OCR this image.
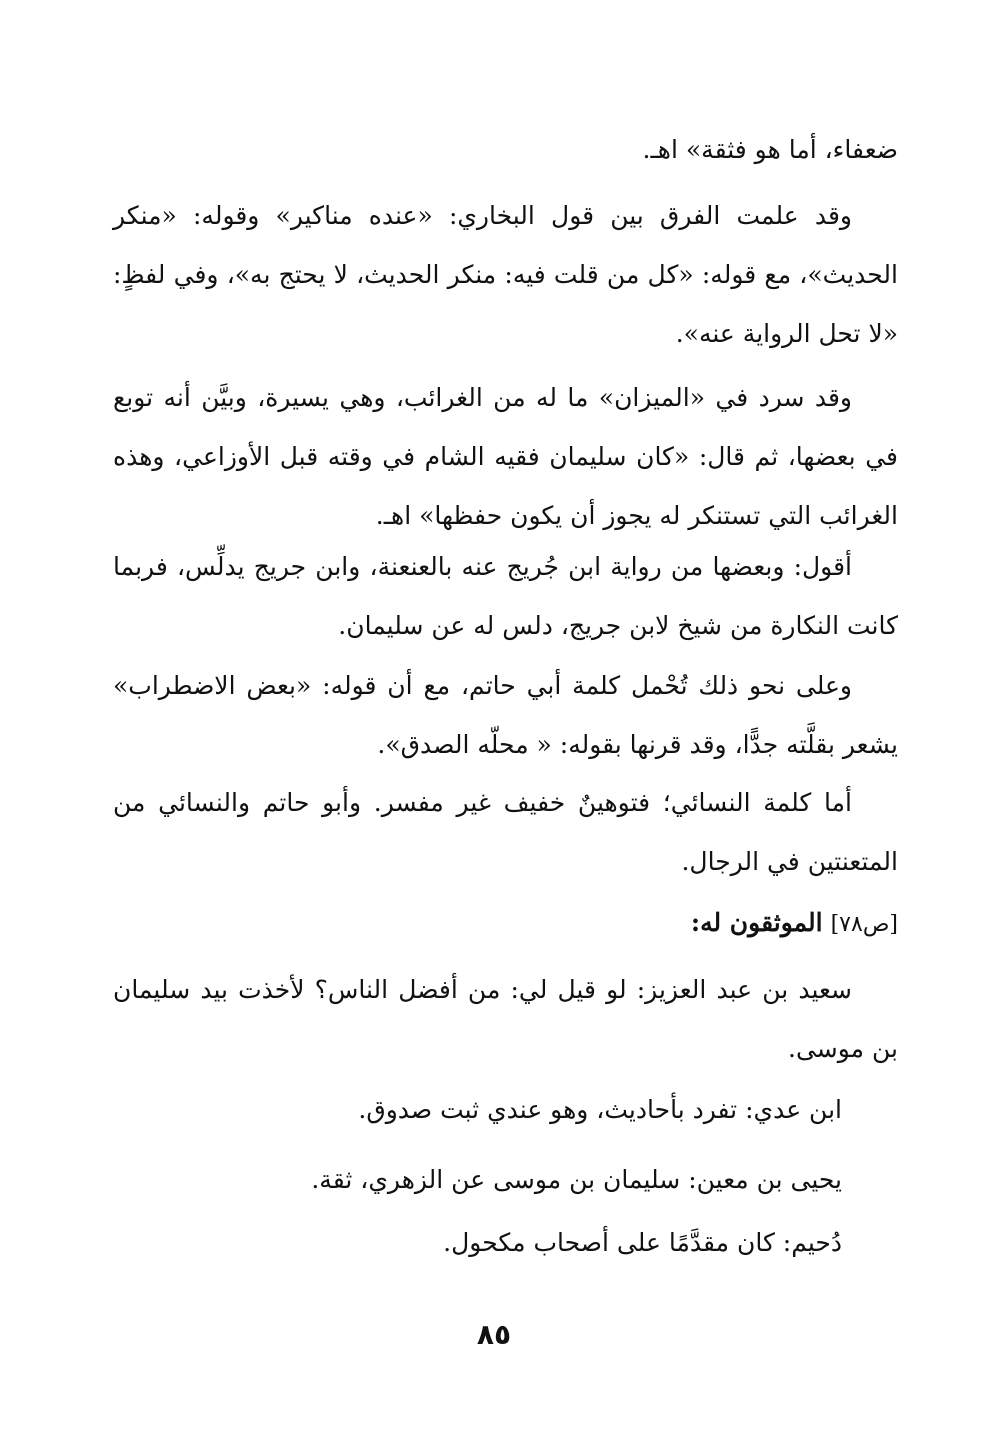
ضعفاء، أما هو فثقة» اهـ.

وقد علمت الفرق بين قول البخاري: «عنده مناكير» وقوله: «منكر الحديث»، مع قوله: «كل من قلت فيه: منكر الحديث، لا يحتج به»، وفي لفظٍ: «لا تحل الرواية عنه».

وقد سرد في «الميزان» ما له من الغرائب، وهي يسيرة، وبيَّن أنه توبع في بعضها، ثم قال: «كان سليمان فقيه الشام في وقته قبل الأوزاعي، وهذه الغرائب التي تستنكر له يجوز أن يكون حفظها» اهـ.

أقول: وبعضها من رواية ابن جُريج عنه بالعنعنة، وابن جريج يدلِّس، فربما كانت النكارة من شيخ لابن جريج، دلس له عن سليمان.

وعلى نحو ذلك تُحْمل كلمة أبي حاتم، مع أن قوله: «بعض الاضطراب» يشعر بقلَّته جدًّا، وقد قرنها بقوله: « محلّه الصدق».

أما كلمة النسائي؛ فتوهينٌ خفيف غير مفسر. وأبو حاتم والنسائي من المتعنتين في الرجال.

[ص٧٨] الموثقون له:

سعيد بن عبد العزيز: لو قيل لي: من أفضل الناس؟ لأخذت بيد سليمان بن موسى.

ابن عدي: تفرد بأحاديث، وهو عندي ثبت صدوق.

يحيى بن معين: سليمان بن موسى عن الزهري، ثقة.

دُحيم: كان مقدَّمًا على أصحاب مكحول.

٨٥
